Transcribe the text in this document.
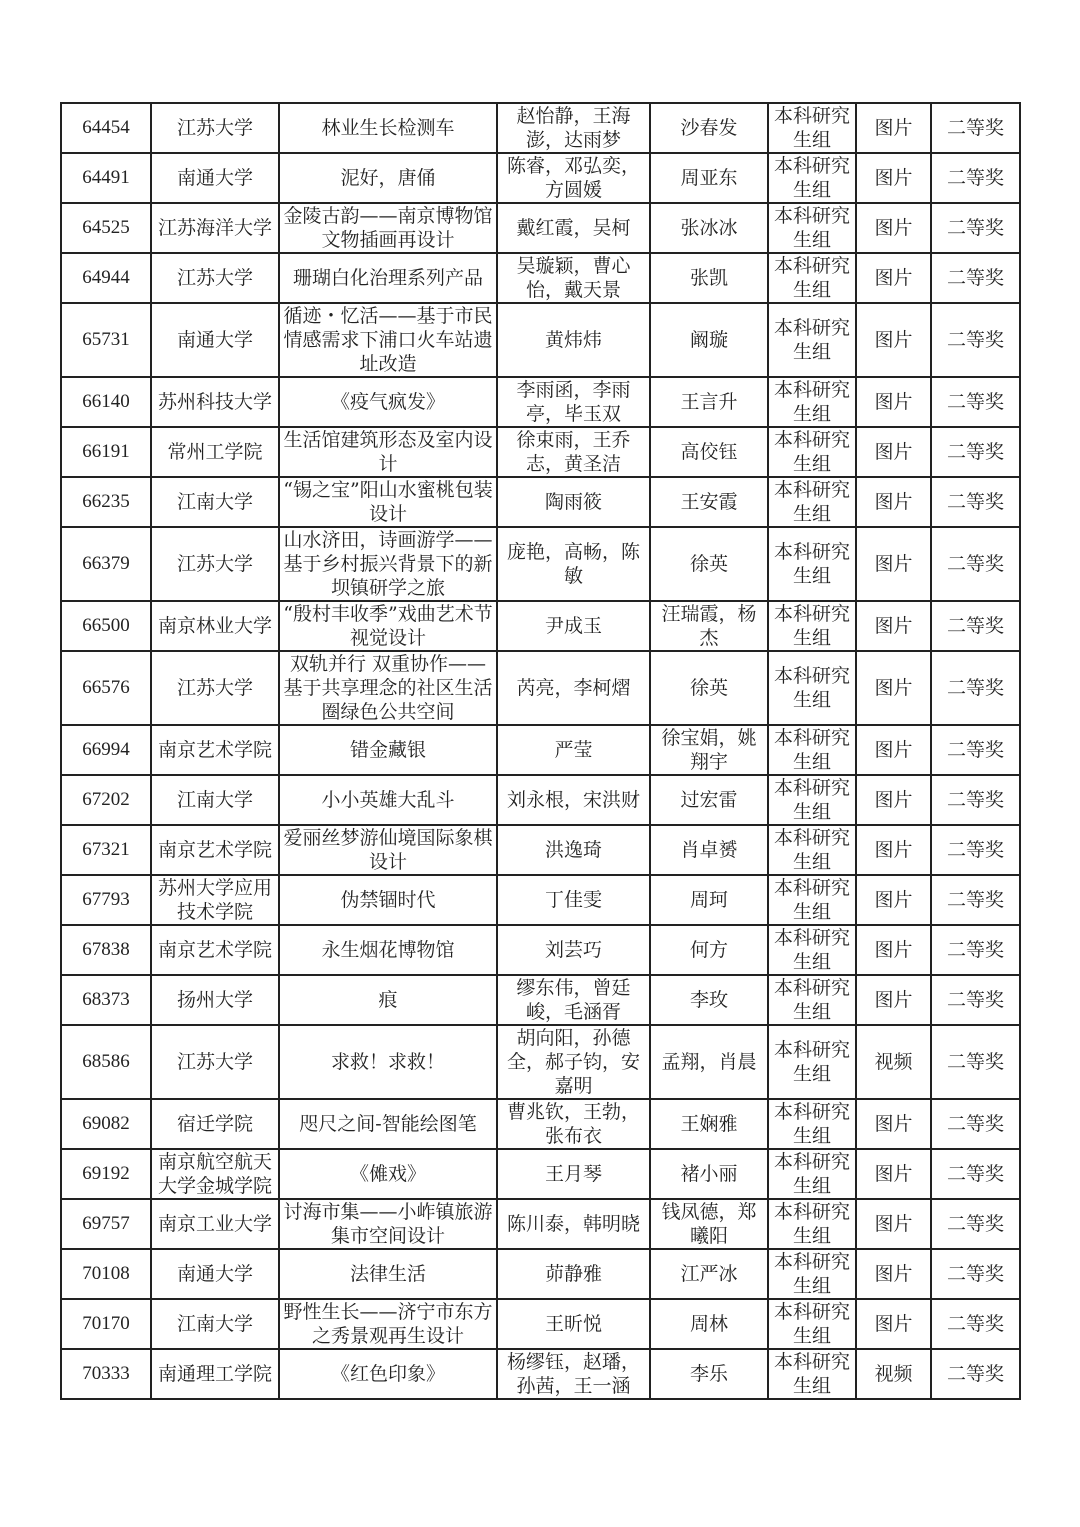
64454	江苏大学	林业生长检测车	赵怡静，王海澎，达雨梦	沙春发	本科研究生组	图片	二等奖
64491	南通大学	泥好，唐俑	陈睿，邓弘奕，方圆媛	周亚东	本科研究生组	图片	二等奖
64525	江苏海洋大学	金陵古韵——南京博物馆文物插画再设计	戴红霞，吴柯	张冰冰	本科研究生组	图片	二等奖
64944	江苏大学	珊瑚白化治理系列产品	吴璇颖，曹心怡，戴天景	张凯	本科研究生组	图片	二等奖
65731	南通大学	循迹・忆活——基于市民情感需求下浦口火车站遗址改造	黄炜炜	阚璇	本科研究生组	图片	二等奖
66140	苏州科技大学	《疫气疯发》	李雨函，李雨亭，毕玉双	王言升	本科研究生组	图片	二等奖
66191	常州工学院	生活馆建筑形态及室内设计	徐束雨，王乔志，黄圣洁	高佼钰	本科研究生组	图片	二等奖
66235	江南大学	“锡之宝”阳山水蜜桃包装设计	陶雨筱	王安霞	本科研究生组	图片	二等奖
66379	江苏大学	山水济田，诗画游学——基于乡村振兴背景下的新坝镇研学之旅	庞艳，高畅，陈敏	徐英	本科研究生组	图片	二等奖
66500	南京林业大学	“殷村丰收季”戏曲艺术节视觉设计	尹成玉	汪瑞霞，杨杰	本科研究生组	图片	二等奖
66576	江苏大学	双轨并行 双重协作——基于共享理念的社区生活圈绿色公共空间	芮亮，李柯熠	徐英	本科研究生组	图片	二等奖
66994	南京艺术学院	错金藏银	严莹	徐宝娟，姚翔宇	本科研究生组	图片	二等奖
67202	江南大学	小小英雄大乱斗	刘永根，宋洪财	过宏雷	本科研究生组	图片	二等奖
67321	南京艺术学院	爱丽丝梦游仙境国际象棋设计	洪逸琦	肖卓赟	本科研究生组	图片	二等奖
67793	苏州大学应用技术学院	伪禁锢时代	丁佳雯	周珂	本科研究生组	图片	二等奖
67838	南京艺术学院	永生烟花博物馆	刘芸巧	何方	本科研究生组	图片	二等奖
68373	扬州大学	痕	缪东伟，曾廷峻，毛涵胥	李玫	本科研究生组	图片	二等奖
68586	江苏大学	求救！求救！	胡向阳，孙德全，郝子钧，安嘉明	孟翔，肖晨	本科研究生组	视频	二等奖
69082	宿迁学院	咫尺之间-智能绘图笔	曹兆钦，王勃，张布衣	王娴雅	本科研究生组	图片	二等奖
69192	南京航空航天大学金城学院	《傩戏》	王月琴	褚小丽	本科研究生组	图片	二等奖
69757	南京工业大学	讨海市集——小岞镇旅游集市空间设计	陈川泰，韩明晓	钱凤德，郑曦阳	本科研究生组	图片	二等奖
70108	南通大学	法律生活	茆静雅	江严冰	本科研究生组	图片	二等奖
70170	江南大学	野性生长——济宁市东方之秀景观再生设计	王昕悦	周林	本科研究生组	图片	二等奖
70333	南通理工学院	《红色印象》	杨缪钰，赵璠，孙茜，王一涵	李乐	本科研究生组	视频	二等奖
